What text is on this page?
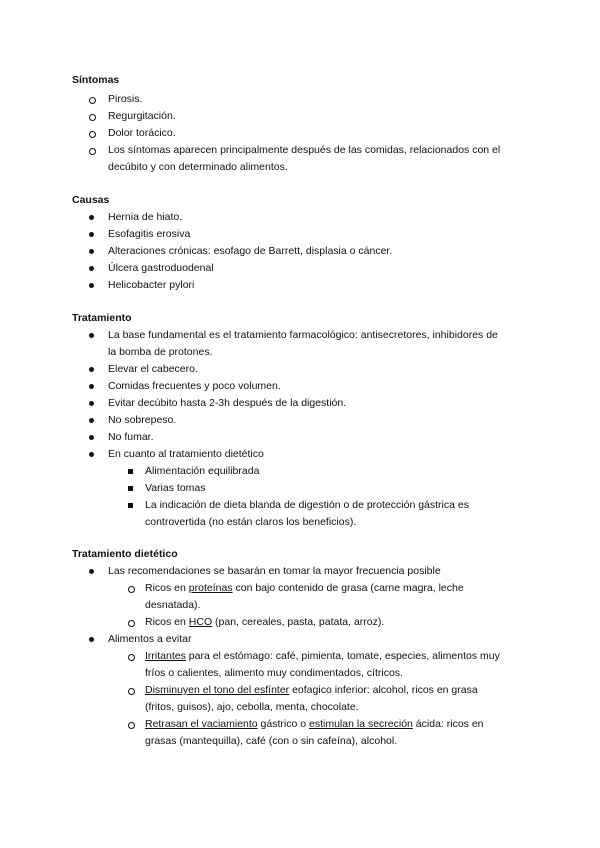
Síntomas
Pirosis.
Regurgitación.
Dolor torácico.
Los síntomas aparecen principalmente después de las comidas, relacionados con el
decúbito y con determinado alimentos.
Causas
Hernia de hiato.
Esofagitis erosiva
Alteraciones crónicas: esofago de Barrett, displasia o cáncer.
Úlcera gastroduodenal
Helicobacter pylori
Tratamiento
La base fundamental es el tratamiento farmacológico: antisecretores, inhibidores de
la bomba de protones.
Elevar el cabecero.
Comidas frecuentes y poco volumen.
Evitar decúbito hasta 2-3h después de la digestión.
No sobrepeso.
No fumar.
En cuanto al tratamiento dietético
Alimentación equilibrada
Varias tomas
La indicación de dieta blanda de digestión o de protección gástrica es
controvertida (no están claros los beneficios).
Tratamiento dietético
Las recomendaciones se basarán en tomar la mayor frecuencia posible
Ricos en proteínas con bajo contenido de grasa (carne magra, leche
desnatada).
Ricos en HCO (pan, cereales, pasta, patata, arroz).
Alimentos a evitar
Irritantes para el estómago: café, pimienta, tomate, especies, alimentos muy
fríos o calientes, alimento muy condimentados, cítricos.
Disminuyen el tono del esfínter eofagico inferior: alcohol, ricos en grasa
(fritos, guisos), ajo, cebolla, menta, chocolate.
Retrasan el vaciamiento gástrico o estimulan la secreción ácida: ricos en
grasas (mantequilla), café (con o sin cafeína), alcohol.
